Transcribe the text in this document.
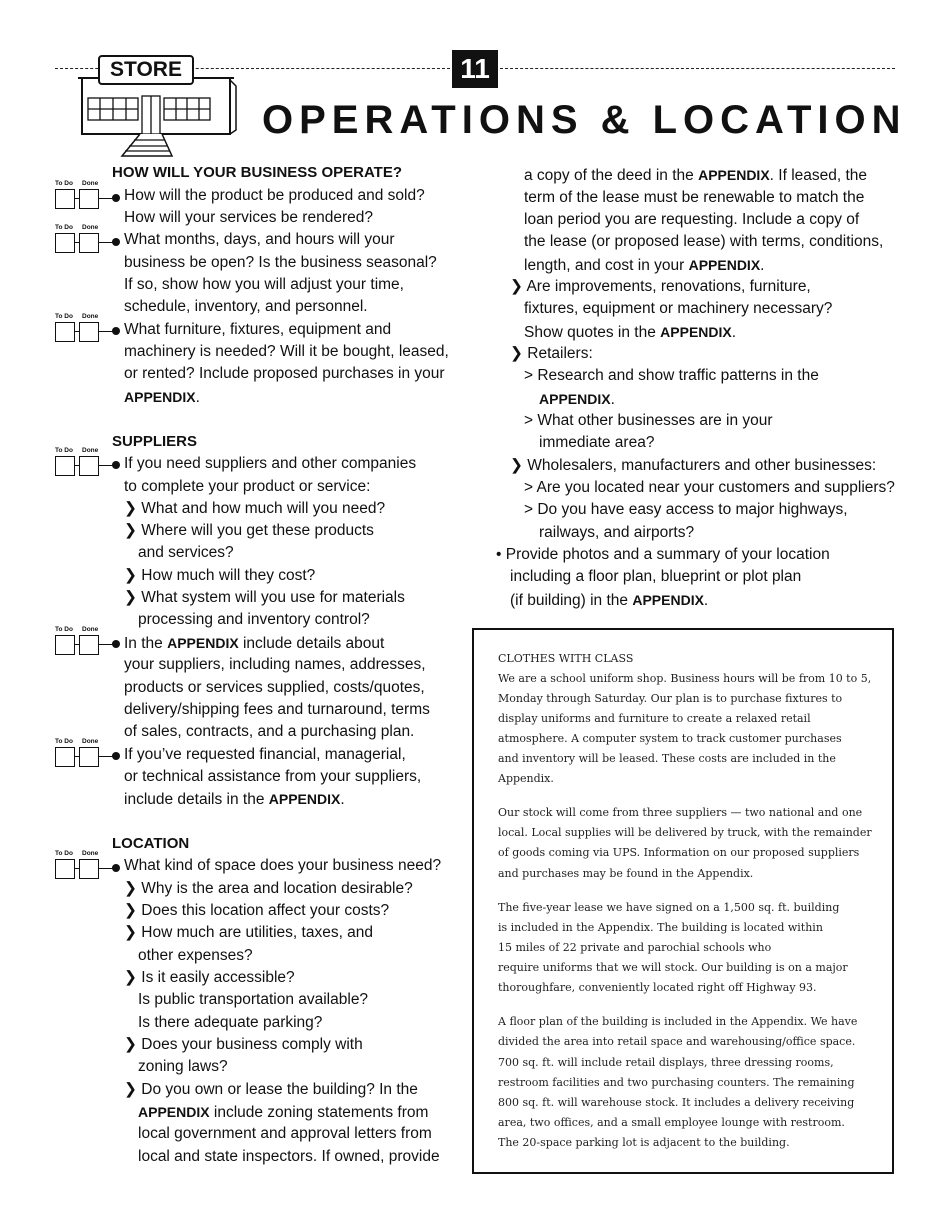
11
STORE
OPERATIONS & LOCATION
To Do Done
To Do Done
To Do Done
To Do Done
To Do Done
To Do Done
To Do Done
HOW WILL YOUR BUSINESS OPERATE?
How will the product be produced and sold?
How will your services be rendered?
What months, days, and hours will your
business be open? Is the business seasonal?
If so, show how you will adjust your time,
schedule, inventory, and personnel.
What furniture, fixtures, equipment and
machinery is needed? Will it be bought, leased,
or rented? Include proposed purchases in your
APPENDIX.
SUPPLIERS
If you need suppliers and other companies
to complete your product or service:
❯ What and how much will you need?
❯ Where will you get these products
and services?
❯ How much will they cost?
❯ What system will you use for materials
processing and inventory control?
In the APPENDIX include details about
your suppliers, including names, addresses,
products or services supplied, costs/quotes,
delivery/shipping fees and turnaround, terms
of sales, contracts, and a purchasing plan.
If you’ve requested financial, managerial,
or technical assistance from your suppliers,
include details in the APPENDIX.
LOCATION
What kind of space does your business need?
❯ Why is the area and location desirable?
❯ Does this location affect your costs?
❯ How much are utilities, taxes, and
other expenses?
❯ Is it easily accessible?
Is public transportation available?
Is there adequate parking?
❯ Does your business comply with
zoning laws?
❯ Do you own or lease the building? In the
APPENDIX include zoning statements from
local government and approval letters from
local and state inspectors. If owned, provide
a copy of the deed in the APPENDIX. If leased, the
term of the lease must be renewable to match the
loan period you are requesting. Include a copy of
the lease (or proposed lease) with terms, conditions,
length, and cost in your APPENDIX.
❯ Are improvements, renovations, furniture,
fixtures, equipment or machinery necessary?
Show quotes in the APPENDIX.
❯ Retailers:
> Research and show traffic patterns in the
APPENDIX.
> What other businesses are in your
immediate area?
❯ Wholesalers, manufacturers and other businesses:
> Are you located near your customers and suppliers?
> Do you have easy access to major highways,
railways, and airports?
• Provide photos and a summary of your location
including a floor plan, blueprint or plot plan
(if building) in the APPENDIX.
CLOTHES WITH CLASS
We are a school uniform shop. Business hours will be from 10 to 5,
Monday through Saturday. Our plan is to purchase fixtures to
display uniforms and furniture to create a relaxed retail
atmosphere. A computer system to track customer purchases
and inventory will be leased. These costs are included in the
Appendix.
Our stock will come from three suppliers — two national and one
local. Local supplies will be delivered by truck, with the remainder
of goods coming via UPS. Information on our proposed suppliers
and purchases may be found in the Appendix.
The five-year lease we have signed on a 1,500 sq. ft. building
is included in the Appendix. The building is located within
15 miles of 22 private and parochial schools who
require uniforms that we will stock. Our building is on a major
thoroughfare, conveniently located right off Highway 93.
A floor plan of the building is included in the Appendix. We have
divided the area into retail space and warehousing/office space.
700 sq. ft. will include retail displays, three dressing rooms,
restroom facilities and two purchasing counters. The remaining
800 sq. ft. will warehouse stock. It includes a delivery receiving
area, two offices, and a small employee lounge with restroom.
The 20-space parking lot is adjacent to the building.
